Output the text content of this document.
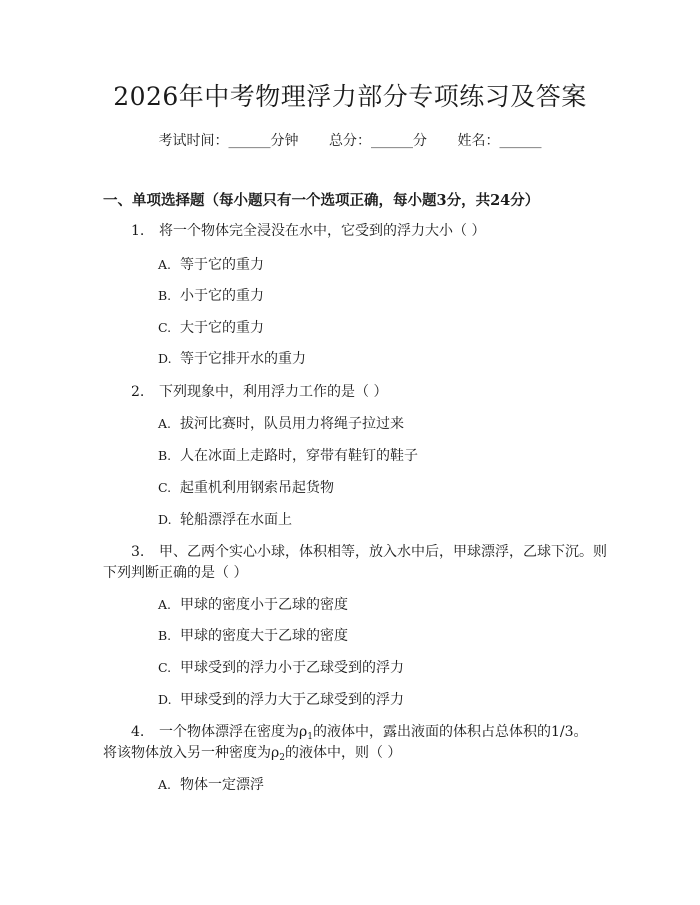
2026年中考物理浮力部分专项练习及答案
考试时间：______分钟 总分：______分 姓名：______
一、单项选择题（每小题只有一个选项正确，每小题3分，共24分）
1. 将一个物体完全浸没在水中，它受到的浮力大小（ ）
A. 等于它的重力
B. 小于它的重力
C. 大于它的重力
D. 等于它排开水的重力
2. 下列现象中，利用浮力工作的是（ ）
A. 拔河比赛时，队员用力将绳子拉过来
B. 人在冰面上走路时，穿带有鞋钉的鞋子
C. 起重机利用钢索吊起货物
D. 轮船漂浮在水面上
3. 甲、乙两个实心小球，体积相等，放入水中后，甲球漂浮，乙球下沉。则
下列判断正确的是（ ）
A. 甲球的密度小于乙球的密度
B. 甲球的密度大于乙球的密度
C. 甲球受到的浮力小于乙球受到的浮力
D. 甲球受到的浮力大于乙球受到的浮力
4. 一个物体漂浮在密度为$\rho_1$的液体中，露出液面的体积占总体积的1/3。
将该物体放入另一种密度为$\rho_2$的液体中，则（ ）
A. 物体一定漂浮
